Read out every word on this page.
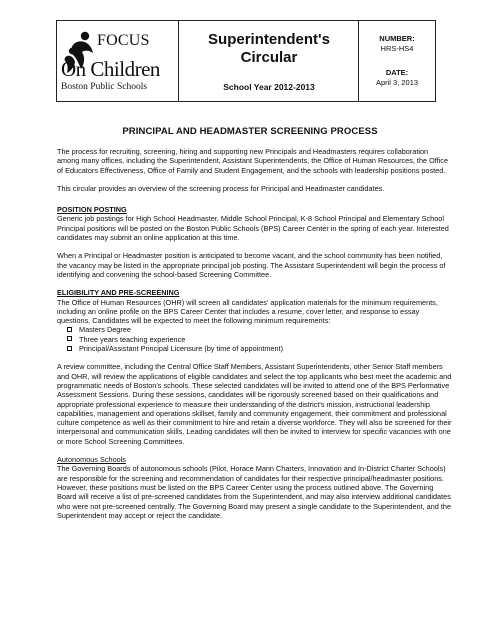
FOCUS
On Children
Boston Public Schools
Superintendent's
Circular
School Year 2012-2013
NUMBER:
HRS-HS4
DATE:
April 3, 2013
PRINCIPAL AND HEADMASTER SCREENING PROCESS

The process for recruiting, screening, hiring and supporting new Principals and Headmasters requires collaboration among many offices, including the Superintendent, Assistant Superintendents, the Office of Human Resources, the Office of Educators Effectiveness, Office of Family and Student Engagement, and the schools with leadership positions posted.

This circular provides an overview of the screening process for Principal and Headmaster candidates.

POSITION POSTING

Generic job postings for High School Headmaster, Middle School Principal, K-8 School Principal and Elementary School Principal positions will be posted on the Boston Public Schools (BPS) Career Center in the spring of each year. Interested candidates may submit an online application at this time.

When a Principal or Headmaster position is anticipated to become vacant, and the school community has been notified, the vacancy may be listed in the appropriate principal job posting. The Assistant Superintendent will begin the process of identifying and convening the school-based Screening Committee.

ELIGIBILITY AND PRE-SCREENING

The Office of Human Resources (OHR) will screen all candidates' application materials for the minimum requirements, including an online profile on the BPS Career Center that includes a resume, cover letter, and response to essay questions. Candidates will be expected to meet the following minimum requirements:

Masters Degree
Three years teaching experience
Principal/Assistant Principal Licensure (by time of appointment)

A review committee, including the Central Office Staff Members, Assistant Superintendents, other Senior Staff members and OHR, will review the applications of eligible candidates and select the top applicants who best meet the academic and programmatic needs of Boston's schools. These selected candidates will be invited to attend one of the BPS Performative Assessment Sessions. During these sessions, candidates will be rigorously screened based on their qualifications and appropriate professional experience to measure their understanding of the district's mission, instructional leadership capabilities, management and operations skillset, family and community engagement, their commitment and professional culture competence as well as their commitment to hire and retain a diverse workforce. They will also be screened for their interpersonal and communication skills. Leading candidates will then be invited to interview for specific vacancies with one or more School Screening Committees.

Autonomous Schools

The Governing Boards of autonomous schools (Pilot, Horace Mann Charters, Innovation and In-District Charter Schools) are responsible for the screening and recommendation of candidates for their respective principal/headmaster positions. However, these positions must be listed on the BPS Career Center using the process outlined above. The Governing Board will receive a list of pre-screened candidates from the Superintendent, and may also interview additional candidates who were not pre-screened centrally. The Governing Board may present a single candidate to the Superintendent, and the Superintendent may accept or reject the candidate.
